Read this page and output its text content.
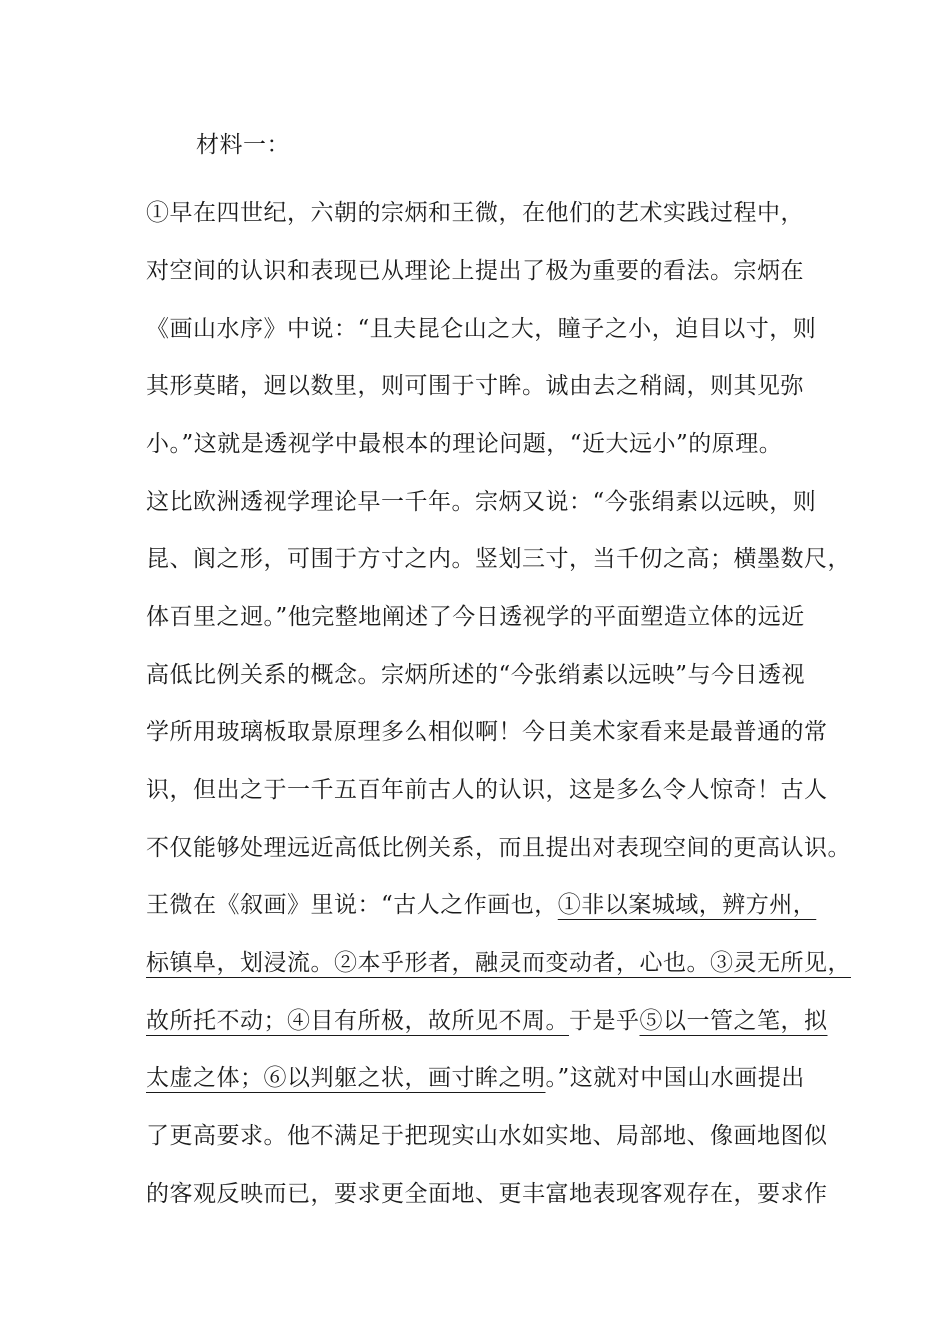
材料一：
①早在四世纪，六朝的宗炳和王微，在他们的艺术实践过程中，
对空间的认识和表现已从理论上提出了极为重要的看法。宗炳在
《画山水序》中说：“且夫昆仑山之大，瞳子之小，迫目以寸，则
其形莫睹，迥以数里，则可围于寸眸。诚由去之稍阔，则其见弥
小。”这就是透视学中最根本的理论问题，“近大远小”的原理。
这比欧洲透视学理论早一千年。宗炳又说：“今张绢素以远映，则
昆、阆之形，可围于方寸之内。竖划三寸，当千仞之高；横墨数尺，
体百里之迥。”他完整地阐述了今日透视学的平面塑造立体的远近
高低比例关系的概念。宗炳所述的“今张绡素以远映”与今日透视
学所用玻璃板取景原理多么相似啊！今日美术家看来是最普通的常
识，但出之于一千五百年前古人的认识，这是多么令人惊奇！古人
不仅能够处理远近高低比例关系，而且提出对表现空间的更高认识。
王微在《叙画》里说：“古人之作画也，①非以案城域，辨方州，
标镇阜，划浸流。②本乎形者，融灵而变动者，心也。③灵无所见，
故所托不动；④目有所极，故所见不周。于是乎⑤以一管之笔，拟
太虚之体；⑥以判躯之状，画寸眸之明。”这就对中国山水画提出
了更高要求。他不满足于把现实山水如实地、局部地、像画地图似
的客观反映而已，要求更全面地、更丰富地表现客观存在，要求作
